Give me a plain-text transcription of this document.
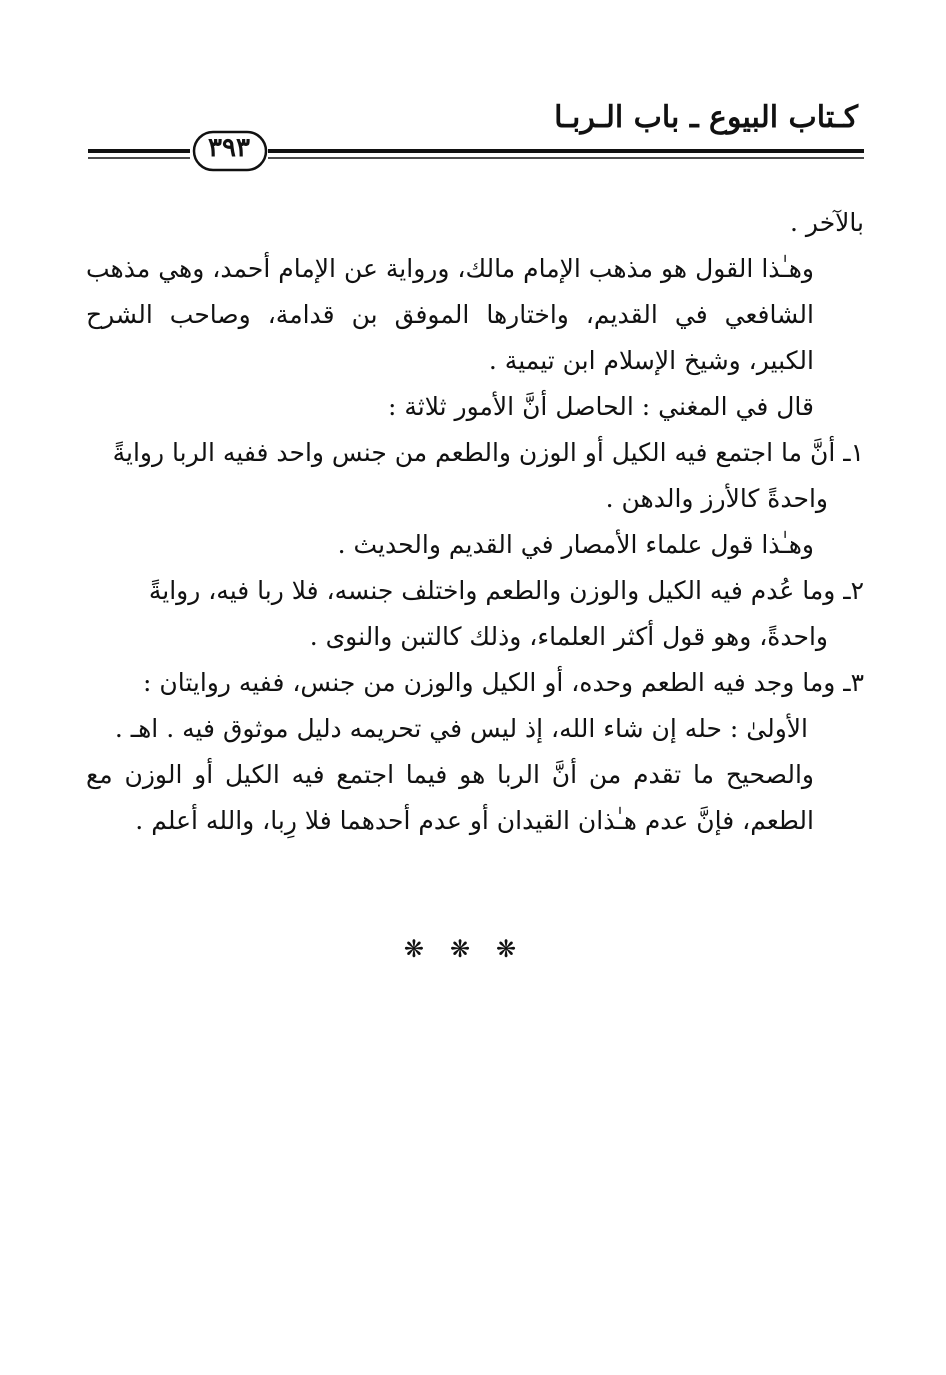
كـتاب البيوع ـ باب الـربـا
٣٩٣

بالآخر .

وهـٰذا القول هو مذهب الإمام مالك، ورواية عن الإمام أحمد، وهي مذهب الشافعي في القديم، واختارها الموفق بن قدامة، وصاحب الشرح الكبير، وشيخ الإسلام ابن تيمية .

قال في المغني : الحاصل أنَّ الأمور ثلاثة :

١ـ أنَّ ما اجتمع فيه الكيل أو الوزن والطعم من جنس واحد ففيه الربا روايةً

واحدةً كالأرز والدهن .

وهـٰذا قول علماء الأمصار في القديم والحديث .

٢ـ وما عُدم فيه الكيل والوزن والطعم واختلف جنسه، فلا ربا فيه، روايةً

واحدةً، وهو قول أكثر العلماء، وذلك كالتبن والنوى .

٣ـ وما وجد فيه الطعم وحده، أو الكيل والوزن من جنس، ففيه روايتان :

الأولىٰ : حله إن شاء الله، إذ ليس في تحريمه دليل موثوق فيه . اهـ .

والصحيح ما تقدم من أنَّ الربا هو فيما اجتمع فيه الكيل أو الوزن مع الطعم، فإنَّ عدم هـٰذان القيدان أو عدم أحدهما فلا رِبا، والله أعلم .

❋❋❋
